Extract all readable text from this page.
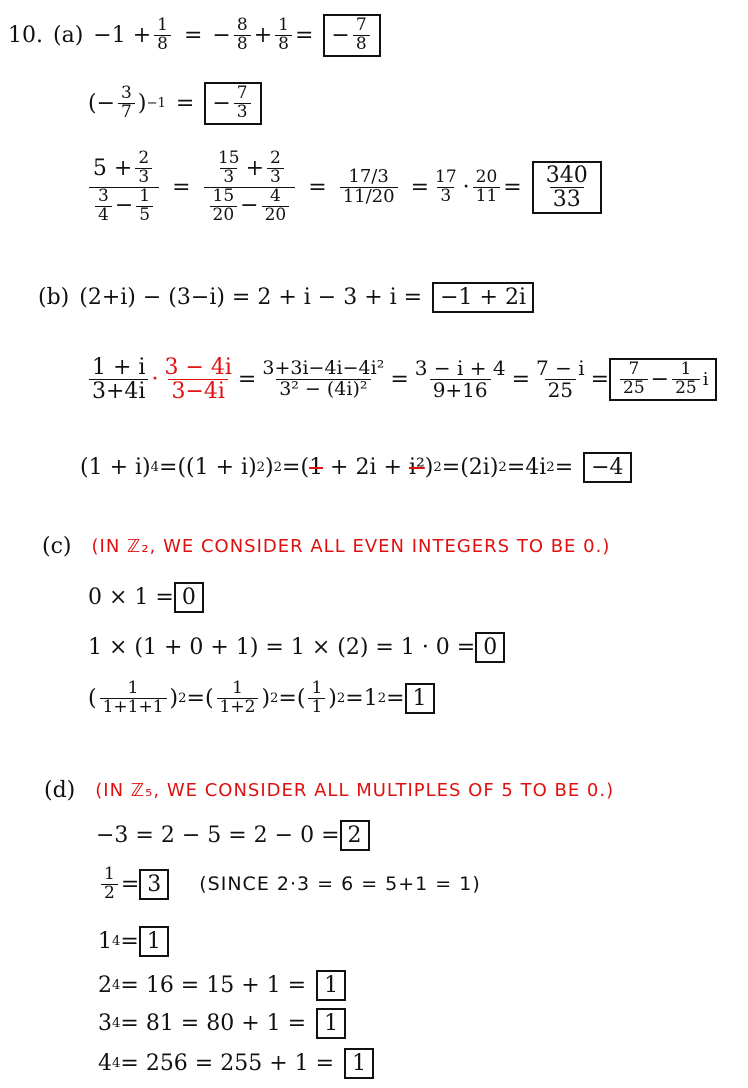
10. $(a) -1 + \frac{1}{8}$ = − $\frac{8}{8} + \frac{1}{8}$ = − $\frac{7}{8}$
(− $\frac{3}{7}$ ) −1 = − $\frac{7}{3}$
$\frac{5 + \frac{2}{3}}{\frac{3}{4} - \frac{1}{5}} = \frac{\frac{15}{3} + \frac{2}{3}}{\frac{15}{20} - \frac{4}{20}} = \frac{17/3}{11/20} = \frac{17}{3} \cdot \frac{20}{11} = \frac{340}{33}$
(b) (2+i) − (3−i) = 2 + i − 3 + i = −1 + 2i
$\frac{1 + i}{3+4i} \cdot \frac{3 - 4i}{3-4i} = \frac{\text{3+3i−4i−4i²}}{\text{3² − (4i)²}} = \frac{3 - i + 4}{9+16} = \frac{7 - i}{25} = \frac{7}{25} - \frac{1}{25}$ i
(1 + i) 4 = ((1 + i) 2 ) 2 = ( 1 + 2i + i² ) 2 = (2i) 2 = 4i 2 = −4
(c) (IN ℤ₂, WE CONSIDER ALL EVEN INTEGERS TO BE 0.)
0 × 1 = 0
1 × (1 + 0 + 1) = 1 × (2) = 1 · 0 = 0
( $\frac{1}{1+1+1}$ ) 2 = ( $\frac{1}{1+2}$ ) 2 = ( $\frac{1}{1}$ ) 2 = 1 2 = 1
(d) (IN ℤ₅, WE CONSIDER ALL MULTIPLES OF 5 TO BE 0.)
−3 = 2 − 5 = 2 − 0 = 2
$\frac{1}{2} = 3$	(SINCE 2·3 = 6 = 5+1 = 1)
1 4 = 1
2 4 = 16 = 15 + 1 = 1
3 4 = 81 = 80 + 1 = 1
4 4 = 256 = 255 + 1 = 1
